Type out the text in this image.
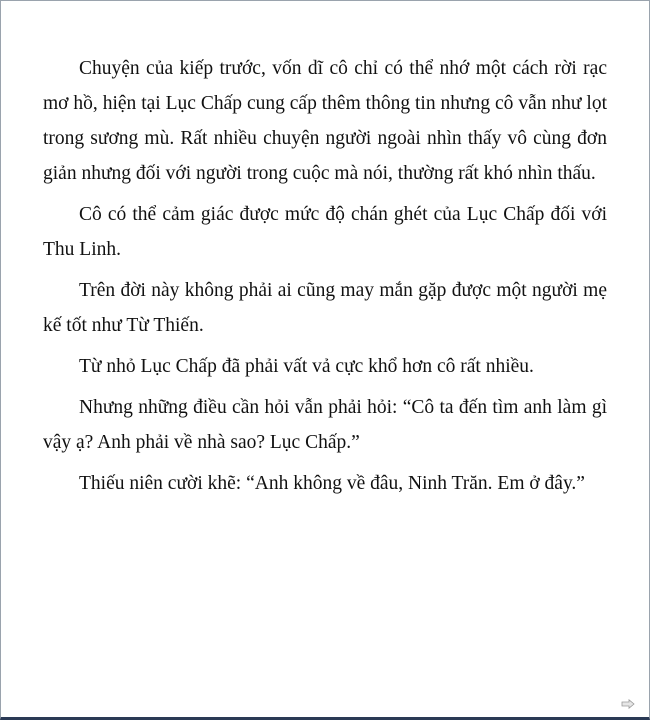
Chuyện của kiếp trước, vốn dĩ cô chỉ có thể nhớ một cách rời rạc mơ hồ, hiện tại Lục Chấp cung cấp thêm thông tin nhưng cô vẫn như lọt trong sương mù. Rất nhiều chuyện người ngoài nhìn thấy vô cùng đơn giản nhưng đối với người trong cuộc mà nói, thường rất khó nhìn thấu.

Cô có thể cảm giác được mức độ chán ghét của Lục Chấp đối với Thu Linh.

Trên đời này không phải ai cũng may mắn gặp được một người mẹ kế tốt như Từ Thiến.

Từ nhỏ Lục Chấp đã phải vất vả cực khổ hơn cô rất nhiều.

Nhưng những điều cần hỏi vẫn phải hỏi: “Cô ta đến tìm anh làm gì vậy ạ? Anh phải về nhà sao? Lục Chấp.”

Thiếu niên cười khẽ: “Anh không về đâu, Ninh Trăn. Em ở đây.”
